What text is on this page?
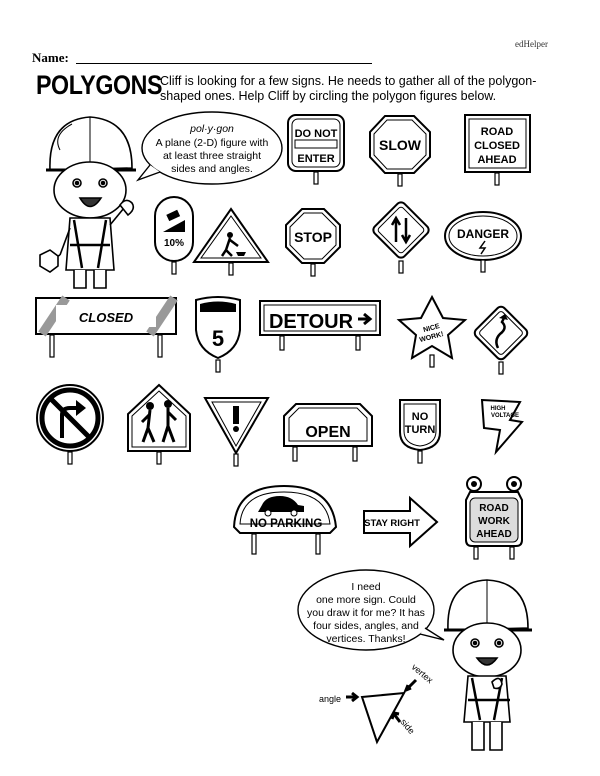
edHelper
Name:
POLYGONS
Cliff is looking for a few signs. He needs to gather all of the polygon-shaped ones. Help Cliff by circling the polygon figures below.
pol·y·gon
A plane (2-D) figure with
at least three straight
sides and angles.
DO NOT
ENTER
SLOW
ROAD
CLOSED
AHEAD
10%	STOP	DANGER
CLOSED
5
DETOUR	NICE
WORK!
OPEN
NO
TURN
HIGH
VOLTAGE
NO PARKING	STAY RIGHT
ROAD
WORK
AHEAD
I need
one more sign. Could
you draw it for me? It has
four sides, angles, and
vertices. Thanks!
angle
vertex
side
